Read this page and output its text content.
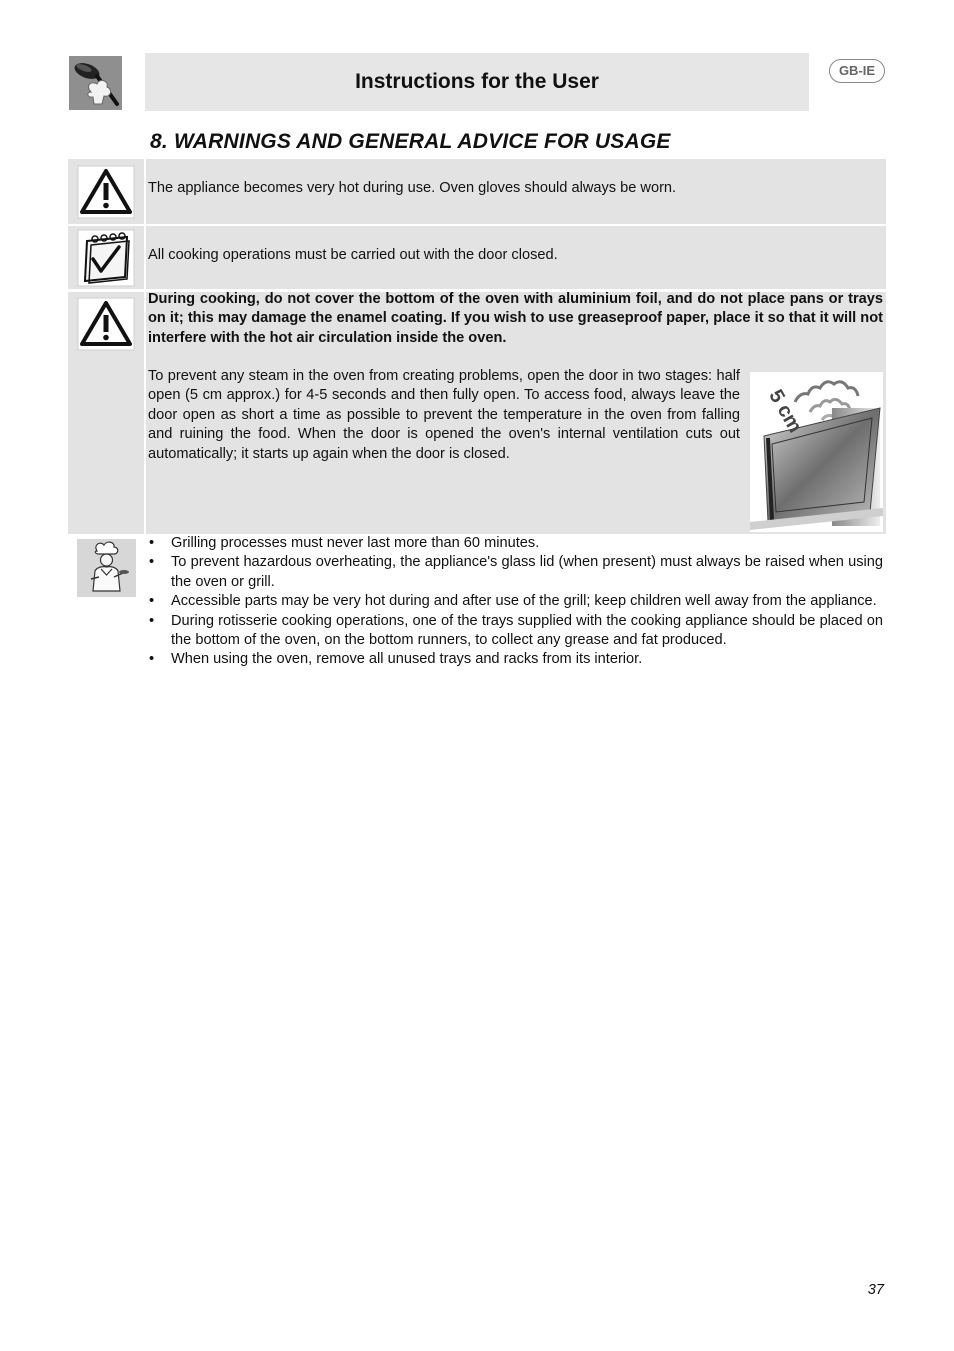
Instructions for the User	GB-IE
8. WARNINGS AND GENERAL ADVICE FOR USAGE
The appliance becomes very hot during use. Oven gloves should always be worn.
All cooking operations must be carried out with the door closed.
During cooking, do not cover the bottom of the oven with aluminium foil, and do not place pans or trays on it; this may damage the enamel coating. If you wish to use greaseproof paper, place it so that it will not interfere with the hot air circulation inside the oven.
To prevent any steam in the oven from creating problems, open the door in two stages: half open (5 cm approx.) for 4-5 seconds and then fully open. To access food, always leave the door open as short a time as possible to prevent the temperature in the oven from falling and ruining the food. When the door is opened the oven's internal ventilation cuts out automatically; it starts up again when the door is closed.
5 cm
• Grilling processes must never last more than 60 minutes.
• To prevent hazardous overheating, the appliance's glass lid (when present) must always be raised when using the oven or grill.
• Accessible parts may be very hot during and after use of the grill; keep children well away from the appliance.
• During rotisserie cooking operations, one of the trays supplied with the cooking appliance should be placed on the bottom of the oven, on the bottom runners, to collect any grease and fat produced.
• When using the oven, remove all unused trays and racks from its interior.
37
